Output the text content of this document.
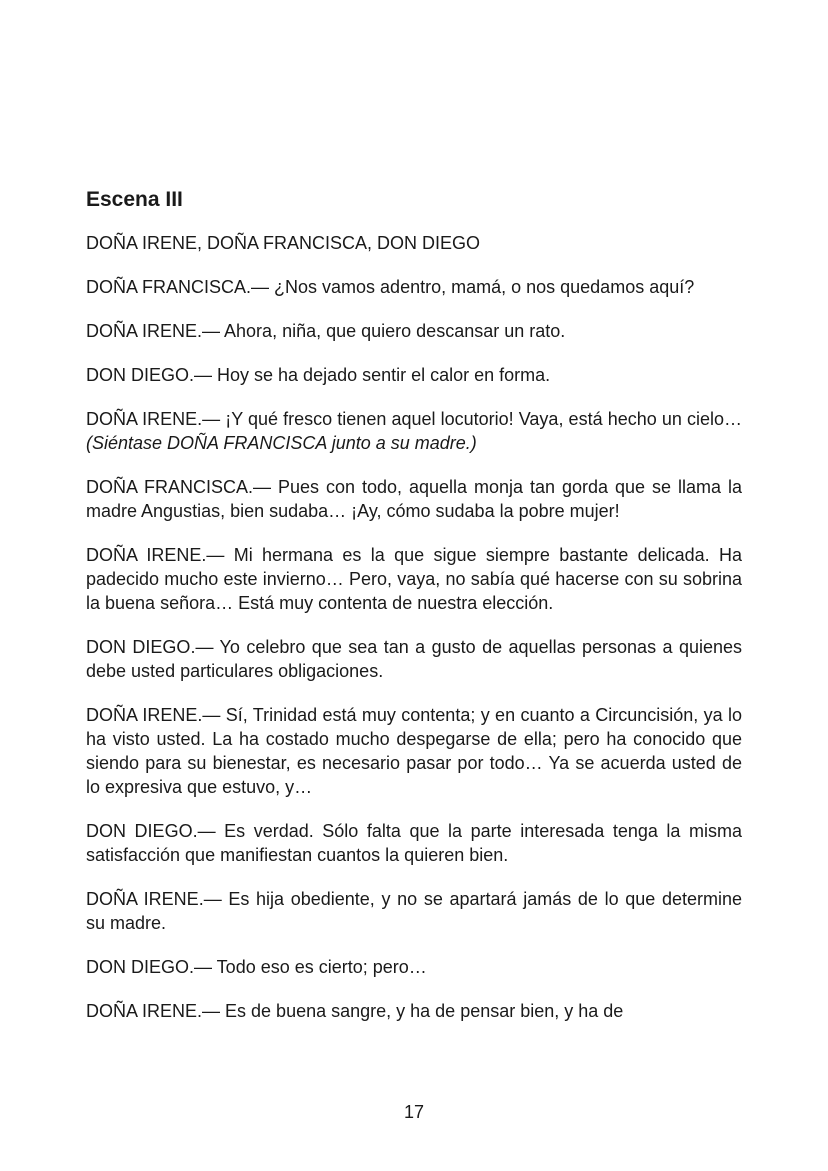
Escena III

DOÑA IRENE, DOÑA FRANCISCA, DON DIEGO

DOÑA FRANCISCA.— ¿Nos vamos adentro, mamá, o nos quedamos aquí?

DOÑA IRENE.— Ahora, niña, que quiero descansar un rato.

DON DIEGO.— Hoy se ha dejado sentir el calor en forma.

DOÑA IRENE.— ¡Y qué fresco tienen aquel locutorio! Vaya, está hecho un cielo… (Siéntase DOÑA FRANCISCA junto a su madre.)

DOÑA FRANCISCA.— Pues con todo, aquella monja tan gorda que se llama la madre Angustias, bien sudaba… ¡Ay, cómo sudaba la pobre mujer!

DOÑA IRENE.— Mi hermana es la que sigue siempre bastante delicada. Ha padecido mucho este invierno… Pero, vaya, no sabía qué hacerse con su sobrina la buena señora… Está muy contenta de nuestra elección.

DON DIEGO.— Yo celebro que sea tan a gusto de aquellas personas a quienes debe usted particulares obligaciones.

DOÑA IRENE.— Sí, Trinidad está muy contenta; y en cuanto a Circuncisión, ya lo ha visto usted. La ha costado mucho despegarse de ella; pero ha conocido que siendo para su bienestar, es necesario pasar por todo… Ya se acuerda usted de lo expresiva que estuvo, y…

DON DIEGO.— Es verdad. Sólo falta que la parte interesada tenga la misma satisfacción que manifiestan cuantos la quieren bien.

DOÑA IRENE.— Es hija obediente, y no se apartará jamás de lo que determine su madre.

DON DIEGO.— Todo eso es cierto; pero…

DOÑA IRENE.— Es de buena sangre, y ha de pensar bien, y ha de

17
